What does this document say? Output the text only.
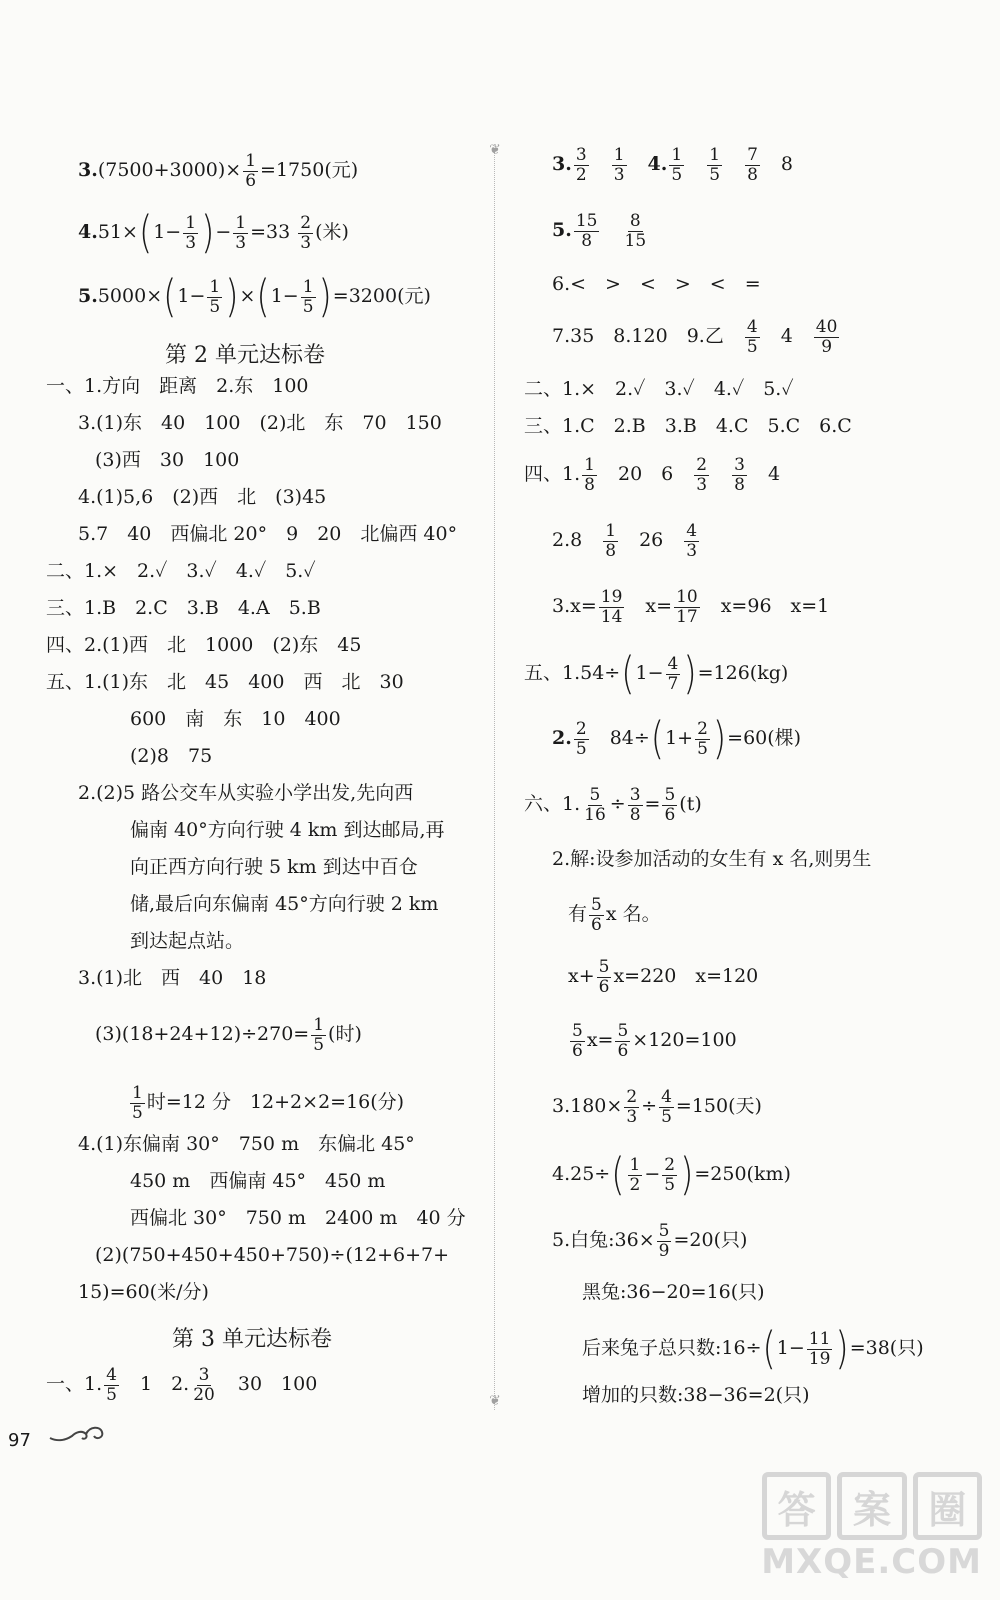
$3.(7500+3000)\times \frac{1}{6} =1750$(元)
$4.51\times(1- \frac{1}{3}$ )− $\frac{1}{3} =33 \frac{2}{3}$ (米)
$5.5000\times(1- \frac{1}{5} )\times(1- \frac{1}{5} )=3200$(元)
第 2 单元达标卷
一、1.方向　距离　2.东　100
3.(1)东　40　100　(2)北　东　70　150
(3)西　30　100
4.(1)5,6　(2)西　北　(3)45
5.7　40　西偏北 20°　9　20　北偏西 40°
二、1.×　2.✓　3.✓　4.✓　5.✓
三、1.B　2.C　3.B　4.A　5.B
四、2.(1)西　北　1000　(2)东　45
五、1.(1)东　北　45　400　西　北　30
600　南　东　10　400
(2)8　75
2.(2)5 路公交车从实验小学出发,先向西
偏南 40°方向行驶 4 km 到达邮局,再
向正西方向行驶 5 km 到达中百仓
储,最后向东偏南 45°方向行驶 2 km
到达起点站。
3.(1)北　西　40　18
$(3)(18+24+12)\div 270= \frac{1}{5}$ (时)
$\frac{1}{5}$ 时=12 分　12+2×2=16(分)
4.(1)东偏南 30°　750 m　东偏北 45°
450 m　西偏南 45°　450 m
西偏北 30°　750 m　2400 m　40 分
(2)(750+450+450+750)÷(12+6+7+
15)=60(米/分)
第 3 单元达标卷
一、1. $\frac{4}{5}$
　 1　2. $\frac{3}{20}$
　 30　100
❦
❦
3. $\frac{3}{2}$
　 $\frac{1}{3}$
　 4. $\frac{1}{5}$
　 $\frac{1}{5}$
　 $\frac{7}{8}$
　 8
5. $\frac{15}{8}$
　 $\frac{8}{15}$
6.<　>　<　>　<　=
7.35　8.120　9.乙　 $\frac{4}{5}$
　 4　 $\frac{40}{9}$
二、1.×　2.✓　3.✓　4.✓　5.✓
三、1.C　2.B　3.B　4.C　5.C　6.C
四、1. $\frac{1}{8}$
　 20　6　 $\frac{2}{3}$
　 $\frac{3}{8}$
　 4
2.8　 $\frac{1}{8}$
　 26　 $\frac{4}{3}$
$3.x= \frac{19}{14}$
　 $x= \frac{10}{17}$
　 x=96　x=1
五、$1.54\div(1- \frac{4}{7} )=126(kg)$
2. $\frac{2}{5}$
　 $84\div(1+ \frac{2}{5} )=60$(棵)
六、1. $\frac{5}{16} \div \frac{3}{8} = \frac{5}{6} (t)$
2.解:设参加活动的女生有 x 名,则男生
有 $\frac{5}{6}$ x 名。
$x+ \frac{5}{6} x=220$　x=120
$\frac{5}{6} x= \frac{5}{6} \times 120=100$
$3.180\times \frac{2}{3} \div \frac{4}{5} =150$(天)
$4.25\div( \frac{1}{2} - \frac{2}{5} )=250(km)$
5.白兔:36× $\frac{5}{9} =20$(只)
黑兔:36−20=16(只)
后来兔子总只数:16÷(1− $\frac{11}{19} )=38$(只)
增加的只数:38−36=2(只)
97
答 案 圈
MXQE.COM
